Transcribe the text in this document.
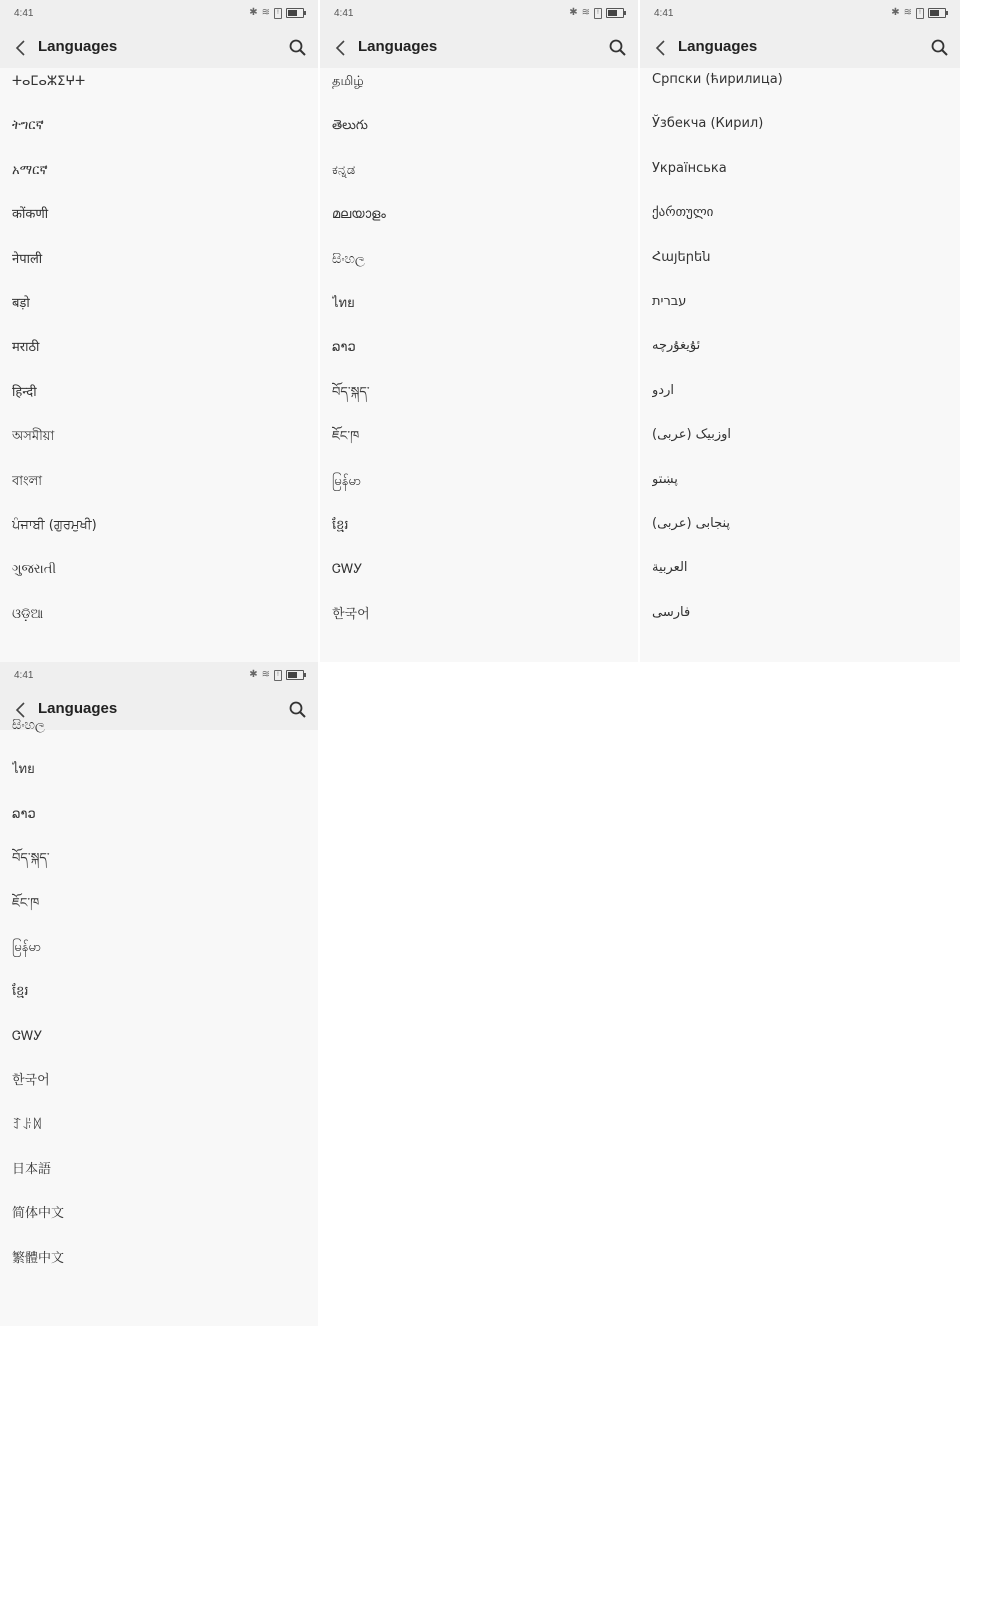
4:41	✱ ≋	!
Languages
ⵜⴰⵎⴰⵣⵉⵖⵜ
ትግርኛ
አማርኛ
कोंकणी
नेपाली
बड़ो
मराठी
हिन्दी
অসমীয়া
বাংলা
ਪੰਜਾਬੀ (ਗੁਰਮੁਖੀ)
ગુજરાતી
ଓଡ଼ିଆ
4:41	✱ ≋	!
Languages
தமிழ்
తెలుగు
ಕನ್ನಡ
മലയാളം
සිංහල
ไทย
ລາວ
བོད་སྐད་
ཇོང་ཁ
မြန်မာ
ខ្មែរ
ᏣᎳᎩ
한국어
4:41	✱ ≋	!
Languages
Српски (ћирилица)
Ўзбекча (Кирил)
Українська
ქართული
Հայերեն
עברית
ئۇيغۇرچە
اردو
اوزبیک (عربی)
پښتو
پنجابی (عربی)
العربية
فارسی
4:41	✱ ≋	!
Languages
සිංහල
ไทย
ລາວ
བོད་སྐད་
ཇོང་ཁ
မြန်မာ
ខ្មែរ
ᏣᎳᎩ
한국어
ꆈꌠꉙ
日本語
简体中文
繁體中文
